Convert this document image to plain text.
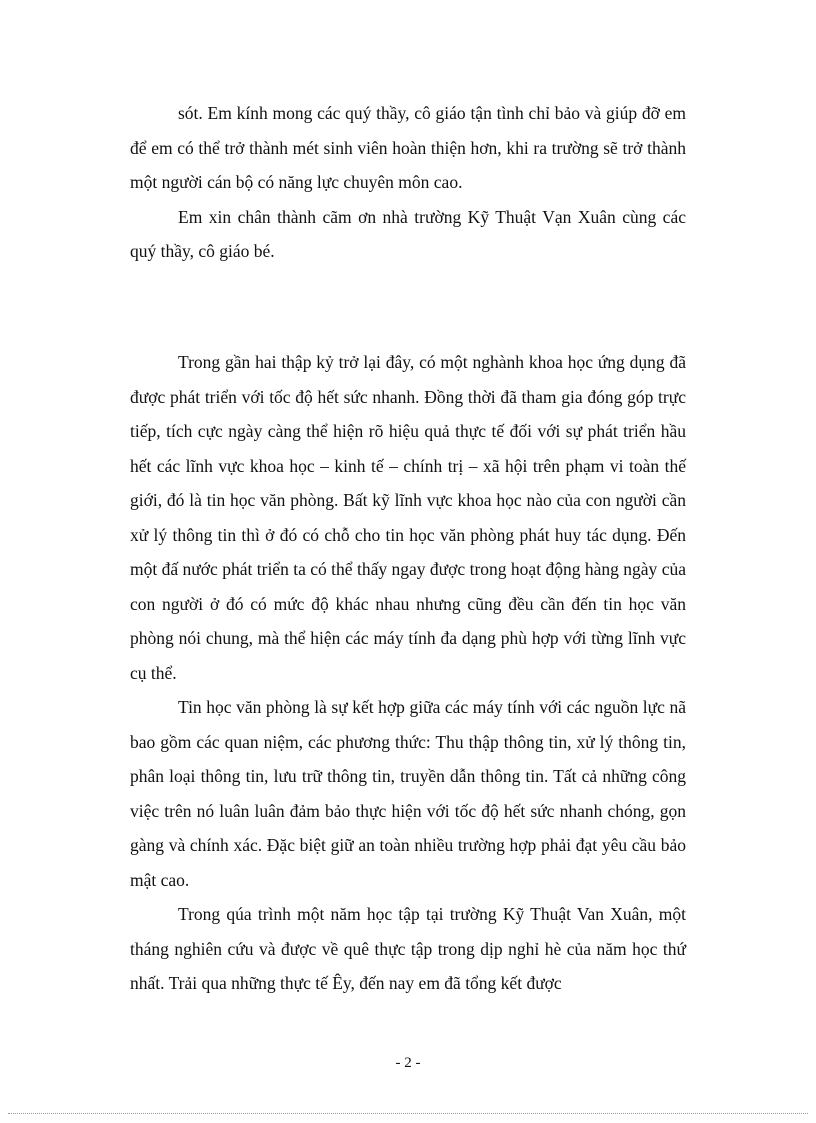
sót. Em kính mong các quý thầy, cô giáo tận tình chỉ bảo và giúp đỡ em để em có thể trở thành mét sinh viên hoàn thiện hơn, khi ra trường sẽ trở thành một người cán bộ có năng lực chuyên môn cao.

Em xin chân thành cãm ơn nhà trường Kỹ Thuật Vạn Xuân cùng các quý thầy, cô giáo bé.

Trong gần hai thập kỷ trở lại đây, có một nghành khoa học ứng dụng đã được phát triển với tốc độ hết sức nhanh. Đồng thời đã tham gia đóng góp trực tiếp, tích cực ngày càng thể hiện rõ hiệu quả thực tế đối với sự phát triển hầu hết các lĩnh vực khoa học – kinh tế – chính trị – xã hội trên phạm vi toàn thế giới, đó là tin học văn phòng. Bất kỹ lĩnh vực khoa học nào của con người cần xử lý thông tin thì ở đó có chỗ cho tin học văn phòng phát huy tác dụng. Đến một đấ nước phát triển ta có thể thấy ngay được trong hoạt động hàng ngày của con người ở đó có mức độ khác nhau nhưng cũng đều cần đến tin học văn phòng nói chung, mà thể hiện các máy tính đa dạng phù hợp với từng lĩnh vực cụ thể.

Tin học văn phòng là sự kết hợp giữa các máy tính với các nguồn lực nã bao gồm các quan niệm, các phương thức: Thu thập thông tin, xử lý thông tin, phân loại thông tin, lưu trữ thông tin, truyền dẫn thông tin. Tất cả những công việc trên nó luân luân đảm bảo thực hiện với tốc độ hết sức nhanh chóng, gọn gàng và chính xác. Đặc biệt giữ an toàn nhiều trường hợp phải đạt yêu cầu bảo mật cao.

Trong qúa trình một năm học tập tại trường Kỹ Thuật Van Xuân, một tháng nghiên cứu và được về quê thực tập trong dịp nghỉ hè của năm học thứ nhất. Trải qua những thực tế Êy, đến nay em đã tổng kết được

- 2 -
